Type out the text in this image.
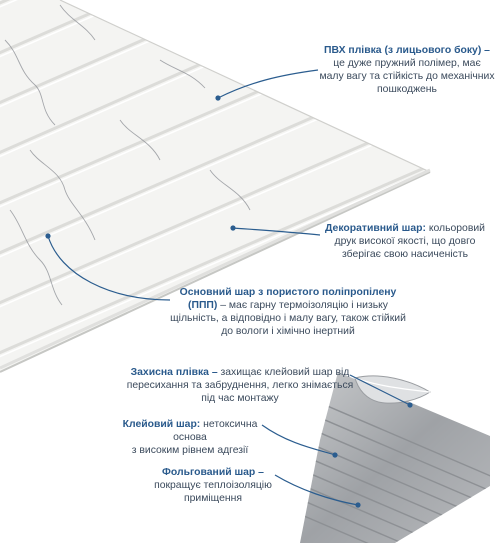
ПВХ плівка (з лицьового боку) –
це дуже пружний полімер, має
малу вагу та стійкість до механічних
пошкоджень
Декоративний шар: кольоровий
друк високої якості, що довго
зберігає свою насиченість
Основний шар з пористого поліпропілену
(ППП) – має гарну термоізоляцію і низьку
щільність, а відповідно і малу вагу, також стійкий
до вологи і хімічно інертний
Захисна плівка – захищає клейовий шар від
пересихання та забруднення, легко знімається
під час монтажу
Клейовий шар: нетоксична основа
з високим рівнем адгезії
Фольгований шар –
покращує теплоізоляцію
приміщення
